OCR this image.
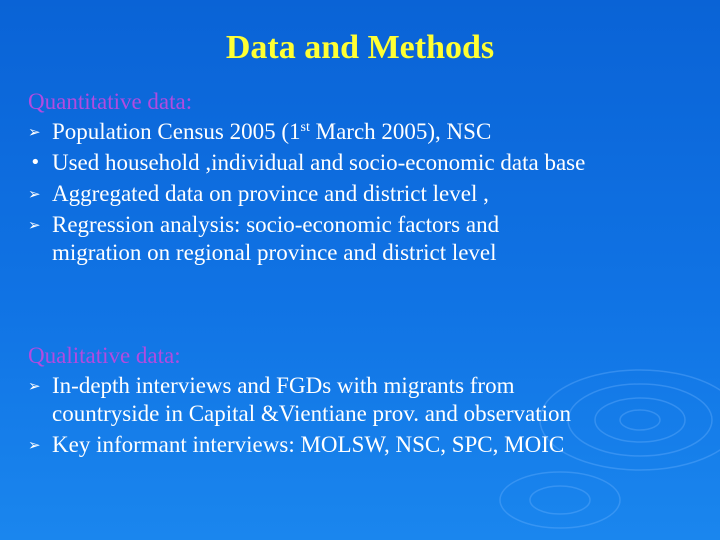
Data and Methods
Quantitative data:
➢ Population Census 2005 (1st March 2005), NSC
• Used household ,individual and socio-economic data base
➢ Aggregated data on province and district level ,
➢ Regression analysis: socio-economic factors and
migration on regional province and district level
Qualitative data:
➢ In-depth interviews and FGDs with migrants from
countryside in Capital &Vientiane prov. and observation
➢ Key informant interviews: MOLSW, NSC, SPC, MOIC
